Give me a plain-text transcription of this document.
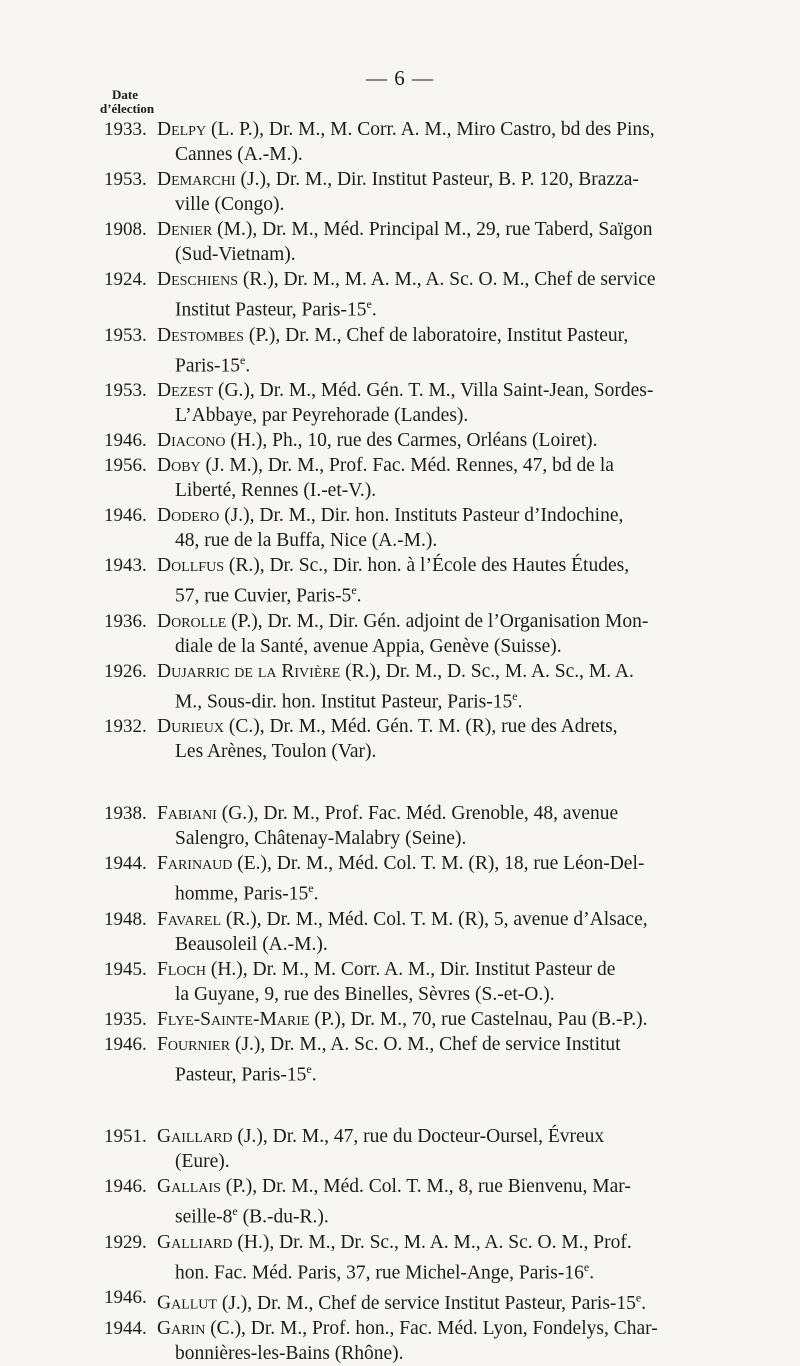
— 6 —
Date
d’élection
1933. Delpy (L. P.), Dr. M., M. Corr. A. M., Miro Castro, bd des Pins,
Cannes (A.-M.).
1953. Demarchi (J.), Dr. M., Dir. Institut Pasteur, B. P. 120, Brazza-
ville (Congo).
1908. Denier (M.), Dr. M., Méd. Principal M., 29, rue Taberd, Saïgon
(Sud-Vietnam).
1924. Deschiens (R.), Dr. M., M. A. M., A. Sc. O. M., Chef de service
Institut Pasteur, Paris-15e.
1953. Destombes (P.), Dr. M., Chef de laboratoire, Institut Pasteur,
Paris-15e.
1953. Dezest (G.), Dr. M., Méd. Gén. T. M., Villa Saint-Jean, Sordes-
L’Abbaye, par Peyrehorade (Landes).
1946. Diacono (H.), Ph., 10, rue des Carmes, Orléans (Loiret).
1956. Doby (J. M.), Dr. M., Prof. Fac. Méd. Rennes, 47, bd de la
Liberté, Rennes (I.-et-V.).
1946. Dodero (J.), Dr. M., Dir. hon. Instituts Pasteur d’Indochine,
48, rue de la Buffa, Nice (A.-M.).
1943. Dollfus (R.), Dr. Sc., Dir. hon. à l’École des Hautes Études,
57, rue Cuvier, Paris-5e.
1936. Dorolle (P.), Dr. M., Dir. Gén. adjoint de l’Organisation Mon-
diale de la Santé, avenue Appia, Genève (Suisse).
1926. Dujarric de la Rivière (R.), Dr. M., D. Sc., M. A. Sc., M. A.
M., Sous-dir. hon. Institut Pasteur, Paris-15e.
1932. Durieux (C.), Dr. M., Méd. Gén. T. M. (R), rue des Adrets,
Les Arènes, Toulon (Var).
1938. Fabiani (G.), Dr. M., Prof. Fac. Méd. Grenoble, 48, avenue
Salengro, Châtenay-Malabry (Seine).
1944. Farinaud (E.), Dr. M., Méd. Col. T. M. (R), 18, rue Léon-Del-
homme, Paris-15e.
1948. Favarel (R.), Dr. M., Méd. Col. T. M. (R), 5, avenue d’Alsace,
Beausoleil (A.-M.).
1945. Floch (H.), Dr. M., M. Corr. A. M., Dir. Institut Pasteur de
la Guyane, 9, rue des Binelles, Sèvres (S.-et-O.).
1935. Flye-Sainte-Marie (P.), Dr. M., 70, rue Castelnau, Pau (B.-P.).
1946. Fournier (J.), Dr. M., A. Sc. O. M., Chef de service Institut
Pasteur, Paris-15e.
1951. Gaillard (J.), Dr. M., 47, rue du Docteur-Oursel, Évreux
(Eure).
1946. Gallais (P.), Dr. M., Méd. Col. T. M., 8, rue Bienvenu, Mar-
seille-8e (B.-du-R.).
1929. Galliard (H.), Dr. M., Dr. Sc., M. A. M., A. Sc. O. M., Prof.
hon. Fac. Méd. Paris, 37, rue Michel-Ange, Paris-16e.
1946. Gallut (J.), Dr. M., Chef de service Institut Pasteur, Paris-15e.
1944. Garin (C.), Dr. M., Prof. hon., Fac. Méd. Lyon, Fondelys, Char-
bonnières-les-Bains (Rhône).
